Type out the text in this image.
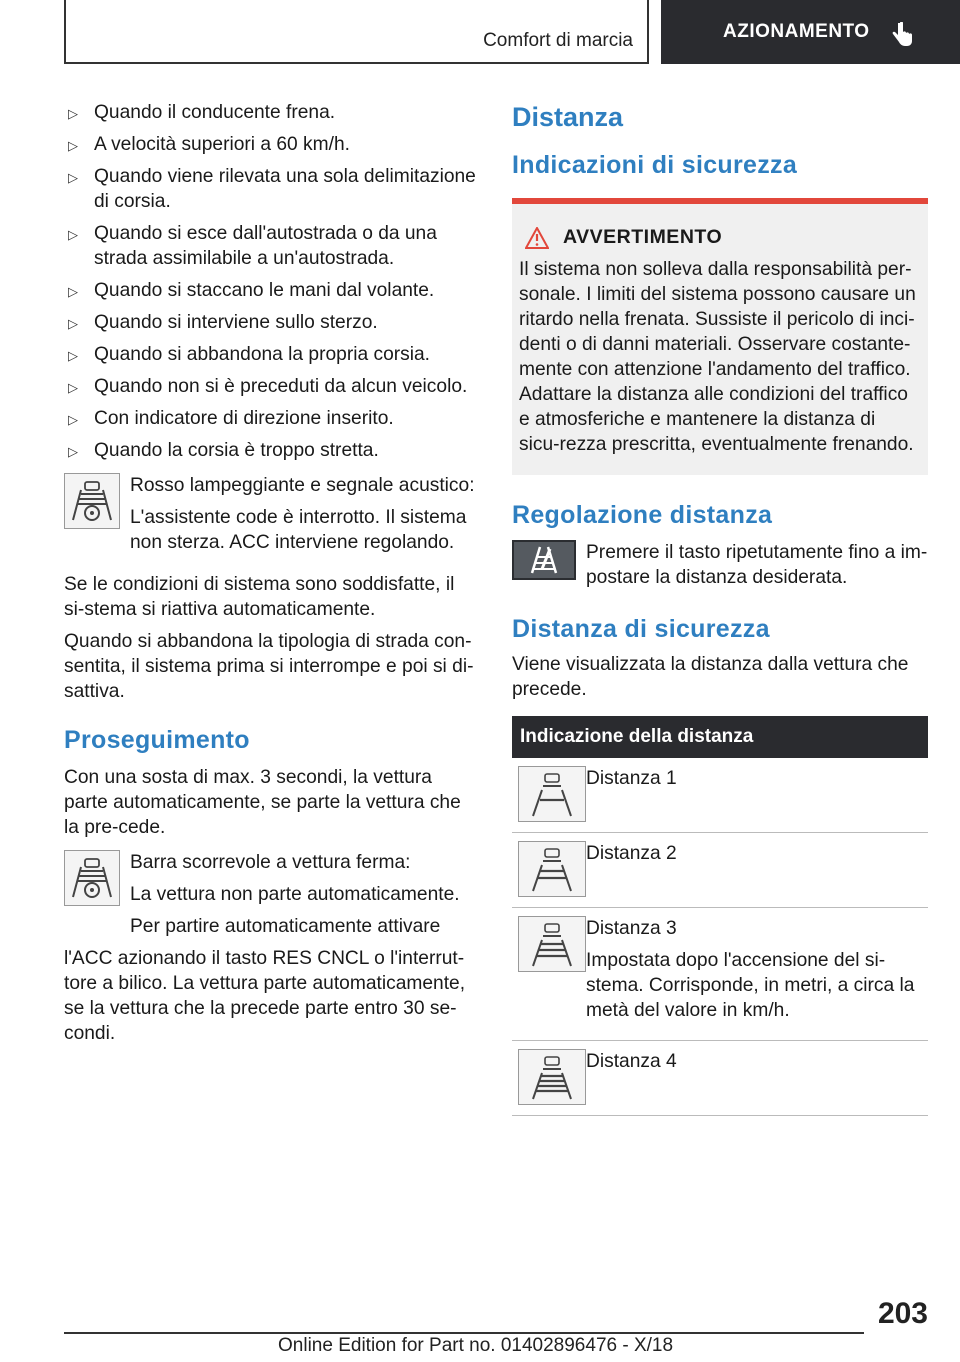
Comfort di marcia	AZIONAMENTO
▷ Quando il conducente frena.
▷ A velocità superiori a 60 km/h.
▷ Quando viene rilevata una sola delimitazione di corsia.
▷ Quando si esce dall'autostrada o da una strada assimilabile a un'autostrada.
▷ Quando si staccano le mani dal volante.
▷ Quando si interviene sullo sterzo.
▷ Quando si abbandona la propria corsia.
▷ Quando non si è preceduti da alcun veicolo.
▷ Con indicatore di direzione inserito.
▷ Quando la corsia è troppo stretta.

Rosso lampeggiante e segnale acustico:

L'assistente code è interrotto. Il sistema non sterza. ACC interviene regolando.

Se le condizioni di sistema sono soddisfatte, il si‐stema si riattiva automaticamente.

Quando si abbandona la tipologia di strada con‐sentita, il sistema prima si interrompe e poi si di‐sattiva.

Proseguimento

Con una sosta di max. 3 secondi, la vettura parte automaticamente, se parte la vettura che la pre‐cede.

Barra scorrevole a vettura ferma:

La vettura non parte automaticamente.

Per partire automaticamente attivare

l'ACC azionando il tasto RES CNCL o l'interrut‐tore a bilico. La vettura parte automaticamente, se la vettura che la precede parte entro 30 se‐condi.

Distanza
Indicazioni di sicurezza
AVVERTIMENTO

Il sistema non solleva dalla responsabilità per‐sonale. I limiti del sistema possono causare un ritardo nella frenata. Sussiste il pericolo di inci‐denti o di danni materiali. Osservare costante‐mente con attenzione l'andamento del traffico. Adattare la distanza alle condizioni del traffico e atmosferiche e mantenere la distanza di sicu‐rezza prescritta, eventualmente frenando.

Regolazione distanza

Premere il tasto ripetutamente fino a im‐postare la distanza desiderata.

Distanza di sicurezza

Viene visualizzata la distanza dalla vettura che precede.

Indicazione della distanza	

Distanza 1

Distanza 2

Distanza 3

Impostata dopo l'accensione del si‐stema. Corrisponde, in metri, a circa la metà del valore in km/h.

Distanza 4

203
Online Edition for Part no. 01402896476 - X/18
